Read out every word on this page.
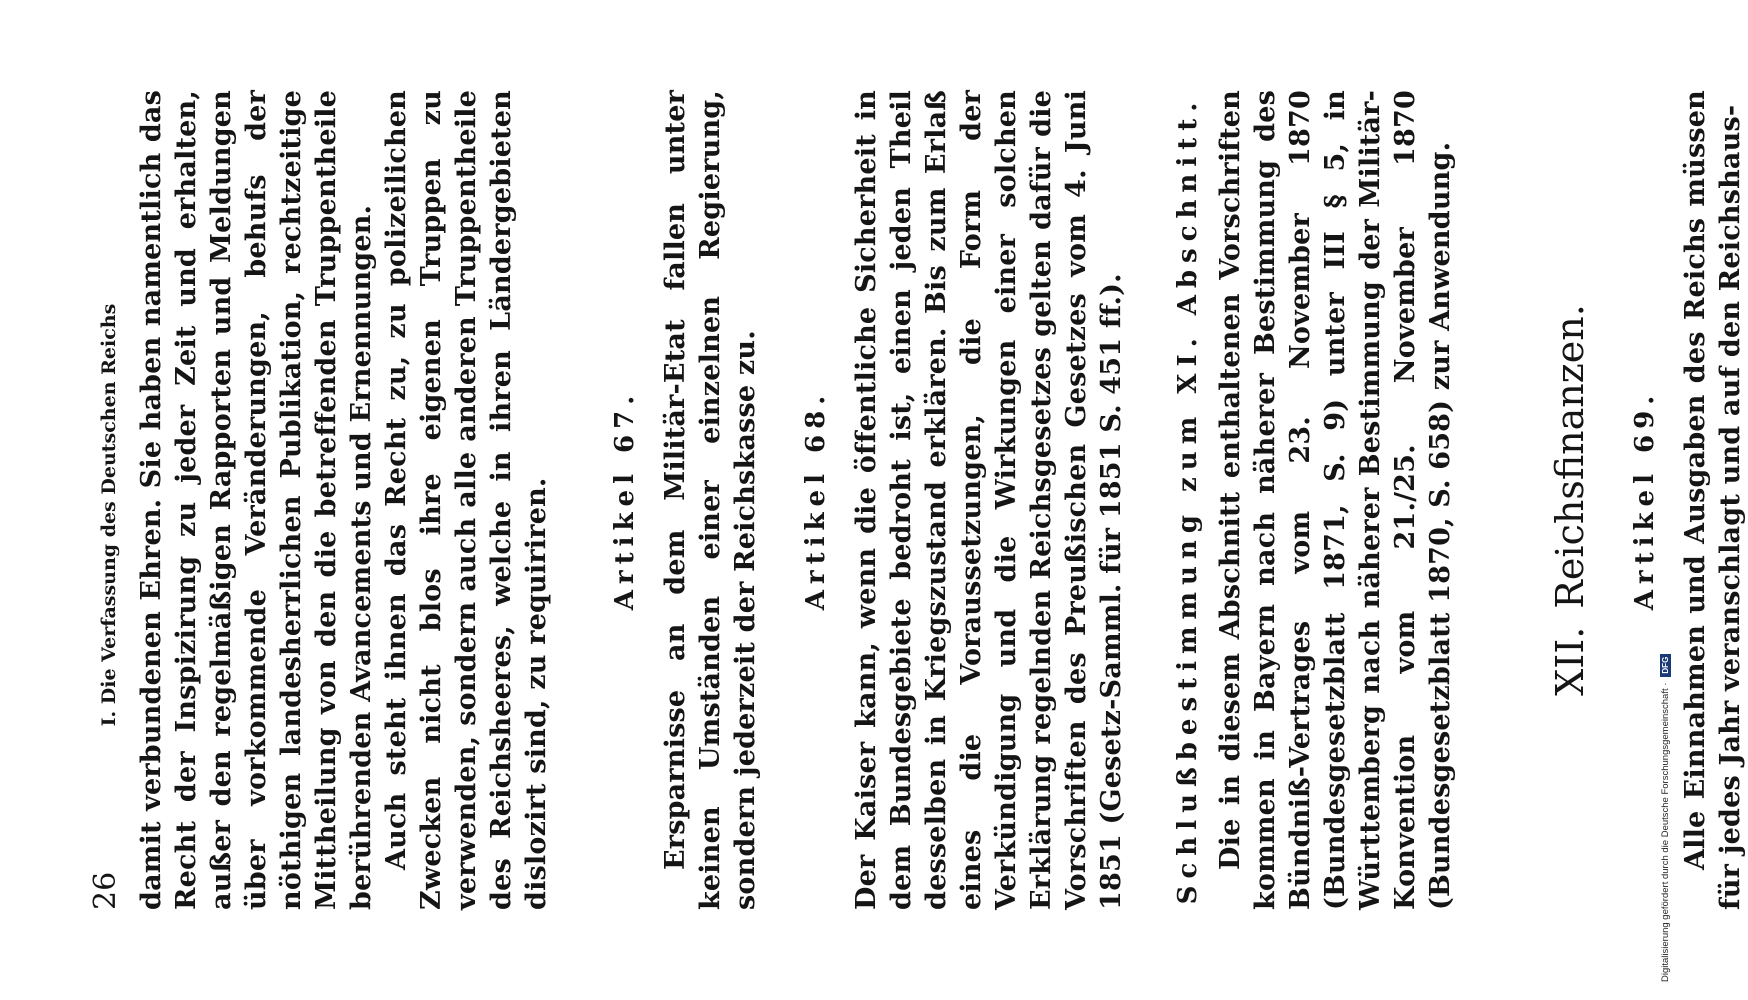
26
I. Die Verfassung des Deutschen Reichs damit verbundenen Ehren. Sie haben namentlich das Recht der Inspizirung zu jeder Zeit und erhalten, außer den regelmäßigen Rapporten und Meldungen über vorkommende Veränderungen, behufs der nöthigen landesherrlichen Publikation, rechtzeitige Mittheilung von den die betreffenden Truppentheile berührenden Avancements und Ernennungen. Auch steht ihnen das Recht zu, zu polizeilichen Zwecken nicht blos ihre eigenen Truppen zu verwenden, sondern auch alle anderen Truppentheile des Reichsheeres, welche in ihren Ländergebieten dislozirt sind, zu requiriren. Artikel 67. Ersparnisse an dem Militär-Etat fallen unter keinen Umständen einer einzelnen Regierung, sondern jederzeit der Reichskasse zu. Artikel 68. Der Kaiser kann, wenn die öffentliche Sicherheit in dem Bundesgebiete bedroht ist, einen jeden Theil desselben in Kriegszustand erklären. Bis zum Erlaß eines die Voraussetzungen, die Form der Verkündigung und die Wirkungen einer solchen Erklärung regelnden Reichsgesetzes gelten dafür die Vorschriften des Preußischen Gesetzes vom 4. Juni 1851 (Gesetz-Samml. für 1851 S. 451 ff.). Schlußbestimmung zum XI. Abschnitt. Die in diesem Abschnitt enthaltenen Vorschriften kommen in Bayern nach näherer Bestimmung des Bündniß-Vertrages vom 23. November 1870 (Bundesgesetzblatt 1871, S. 9) unter III § 5, in Württemberg nach näherer Bestimmung der Militär-Konvention vom 21./25. November 1870 (Bundesgesetzblatt 1870, S. 658) zur Anwendung. XII.Reichsfinanzen. Artikel 69. Alle Einnahmen und Ausgaben des Reichs müssen für jedes Jahr veranschlagt und auf den Reichshaus-

Digitalisierung gefördert durch die Deutsche Forschungsgemeinschaft ·
DFG
